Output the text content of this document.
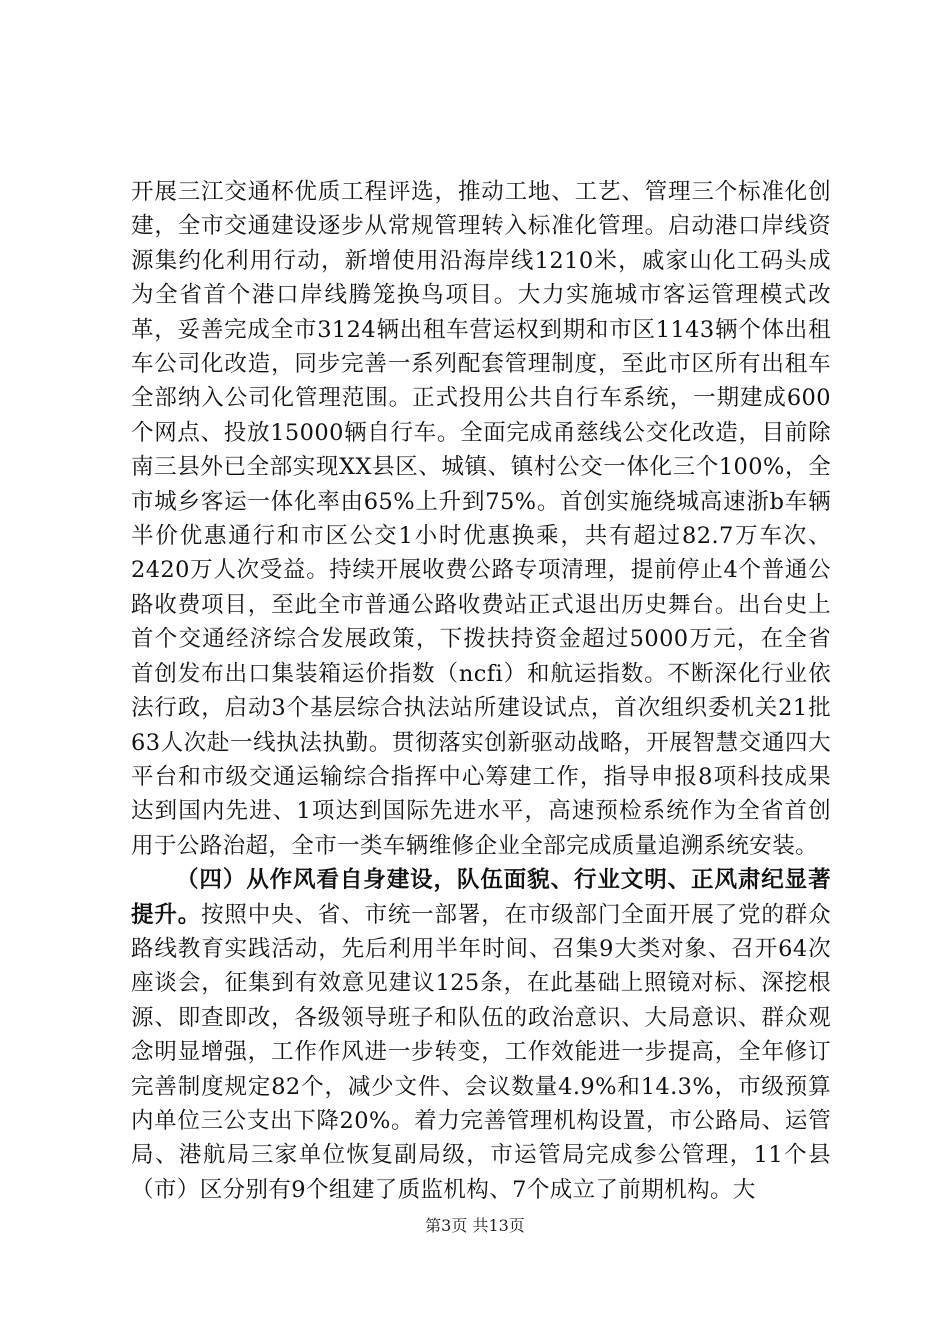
开展三江交通杯优质工程评选，推动工地、工艺、管理三个标准化创建，全市交通建设逐步从常规管理转入标准化管理。启动港口岸线资源集约化利用行动，新增使用沿海岸线1210米，戚家山化工码头成为全省首个港口岸线腾笼换鸟项目。大力实施城市客运管理模式改革，妥善完成全市3124辆出租车营运权到期和市区1143辆个体出租车公司化改造，同步完善一系列配套管理制度，至此市区所有出租车全部纳入公司化管理范围。正式投用公共自行车系统，一期建成600个网点、投放15000辆自行车。全面完成甬慈线公交化改造，目前除南三县外已全部实现XX县区、城镇、镇村公交一体化三个100%，全市城乡客运一体化率由65%上升到75%。首创实施绕城高速浙b车辆半价优惠通行和市区公交1小时优惠换乘，共有超过82.7万车次、2420万人次受益。持续开展收费公路专项清理，提前停止4个普通公路收费项目，至此全市普通公路收费站正式退出历史舞台。出台史上首个交通经济综合发展政策，下拨扶持资金超过5000万元，在全省首创发布出口集装箱运价指数（ncfi）和航运指数。不断深化行业依法行政，启动3个基层综合执法站所建设试点，首次组织委机关21批63人次赴一线执法执勤。贯彻落实创新驱动战略，开展智慧交通四大平台和市级交通运输综合指挥中心筹建工作，指导申报8项科技成果达到国内先进、1项达到国际先进水平，高速预检系统作为全省首创用于公路治超，全市一类车辆维修企业全部完成质量追溯系统安装。

（四）从作风看自身建设，队伍面貌、行业文明、正风肃纪显著提升。按照中央、省、市统一部署，在市级部门全面开展了党的群众路线教育实践活动，先后利用半年时间、召集9大类对象、召开64次座谈会，征集到有效意见建议125条，在此基础上照镜对标、深挖根源、即查即改，各级领导班子和队伍的政治意识、大局意识、群众观念明显增强，工作作风进一步转变，工作效能进一步提高，全年修订完善制度规定82个，减少文件、会议数量4.9%和14.3%，市级预算内单位三公支出下降20%。着力完善管理机构设置，市公路局、运管局、港航局三家单位恢复副局级，市运管局完成参公管理，11个县（市）区分别有9个组建了质监机构、7个成立了前期机构。大

第3页 共13页
